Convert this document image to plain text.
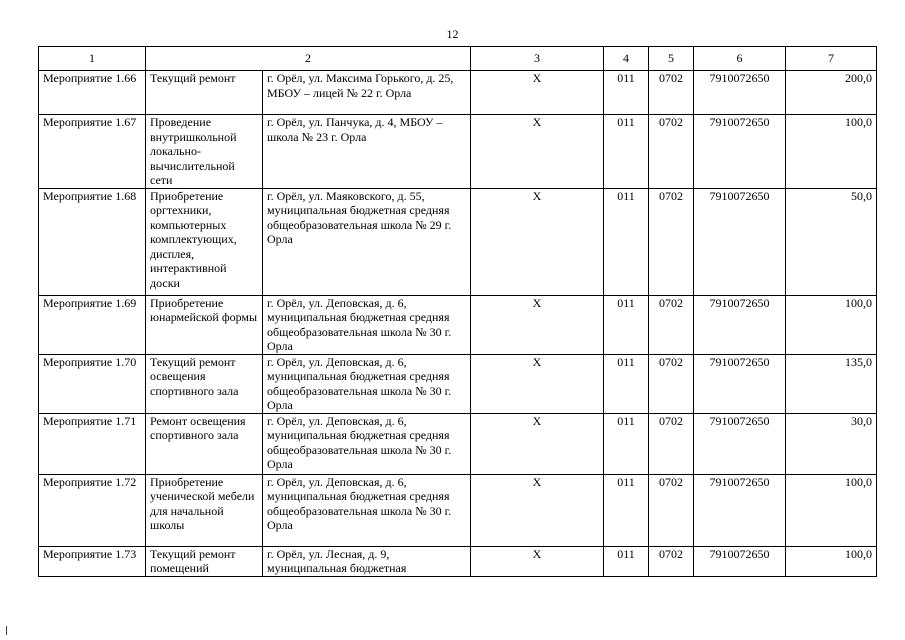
12
1	2		3	4	5	6	7
Мероприятие 1.66	Текущий ремонт	г. Орёл, ул. Максима Горького, д. 25, МБОУ – лицей № 22 г. Орла	Х	011	0702	7910072650	200,0
Мероприятие 1.67	Проведение внутришкольной локально-вычислительной сети	г. Орёл, ул. Панчука, д. 4, МБОУ – школа № 23 г. Орла	Х	011	0702	7910072650	100,0
Мероприятие 1.68	Приобретение оргтехники, компьютерных комплектующих, дисплея, интерактивной доски	г. Орёл, ул. Маяковского, д. 55, муниципальная бюджетная средняя общеобразовательная школа № 29 г. Орла	Х	011	0702	7910072650	50,0
Мероприятие 1.69	Приобретение юнармейской формы	г. Орёл, ул. Деповская, д. 6, муниципальная бюджетная средняя общеобразовательная школа № 30 г. Орла	Х	011	0702	7910072650	100,0
Мероприятие 1.70	Текущий ремонт освещения спортивного зала	г. Орёл, ул. Деповская, д. 6, муниципальная бюджетная средняя общеобразовательная школа № 30 г. Орла	Х	011	0702	7910072650	135,0
Мероприятие 1.71	Ремонт освещения спортивного зала	г. Орёл, ул. Деповская, д. 6, муниципальная бюджетная средняя общеобразовательная школа № 30 г. Орла	Х	011	0702	7910072650	30,0
Мероприятие 1.72	Приобретение ученической мебели для начальной школы	г. Орёл, ул. Деповская, д. 6, муниципальная бюджетная средняя общеобразовательная школа № 30 г. Орла	Х	011	0702	7910072650	100,0
Мероприятие 1.73	Текущий ремонт помещений	г. Орёл, ул. Лесная, д. 9, муниципальная бюджетная	Х	011	0702	7910072650	100,0
